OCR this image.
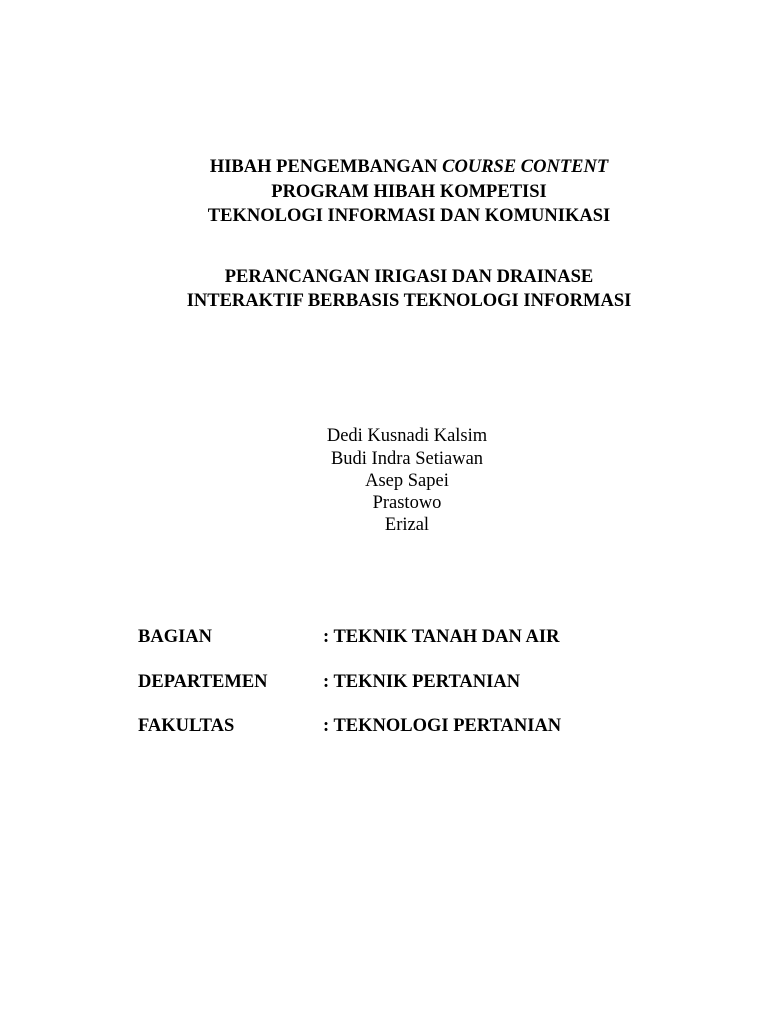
HIBAH PENGEMBANGAN COURSE CONTENT
PROGRAM HIBAH KOMPETISI
TEKNOLOGI INFORMASI DAN KOMUNIKASI
PERANCANGAN IRIGASI DAN DRAINASE
INTERAKTIF BERBASIS TEKNOLOGI INFORMASI
Dedi Kusnadi Kalsim
Budi Indra Setiawan
Asep Sapei
Prastowo
Erizal
BAGIAN	: TEKNIK TANAH DAN AIR
DEPARTEMEN	: TEKNIK PERTANIAN
FAKULTAS	: TEKNOLOGI PERTANIAN
